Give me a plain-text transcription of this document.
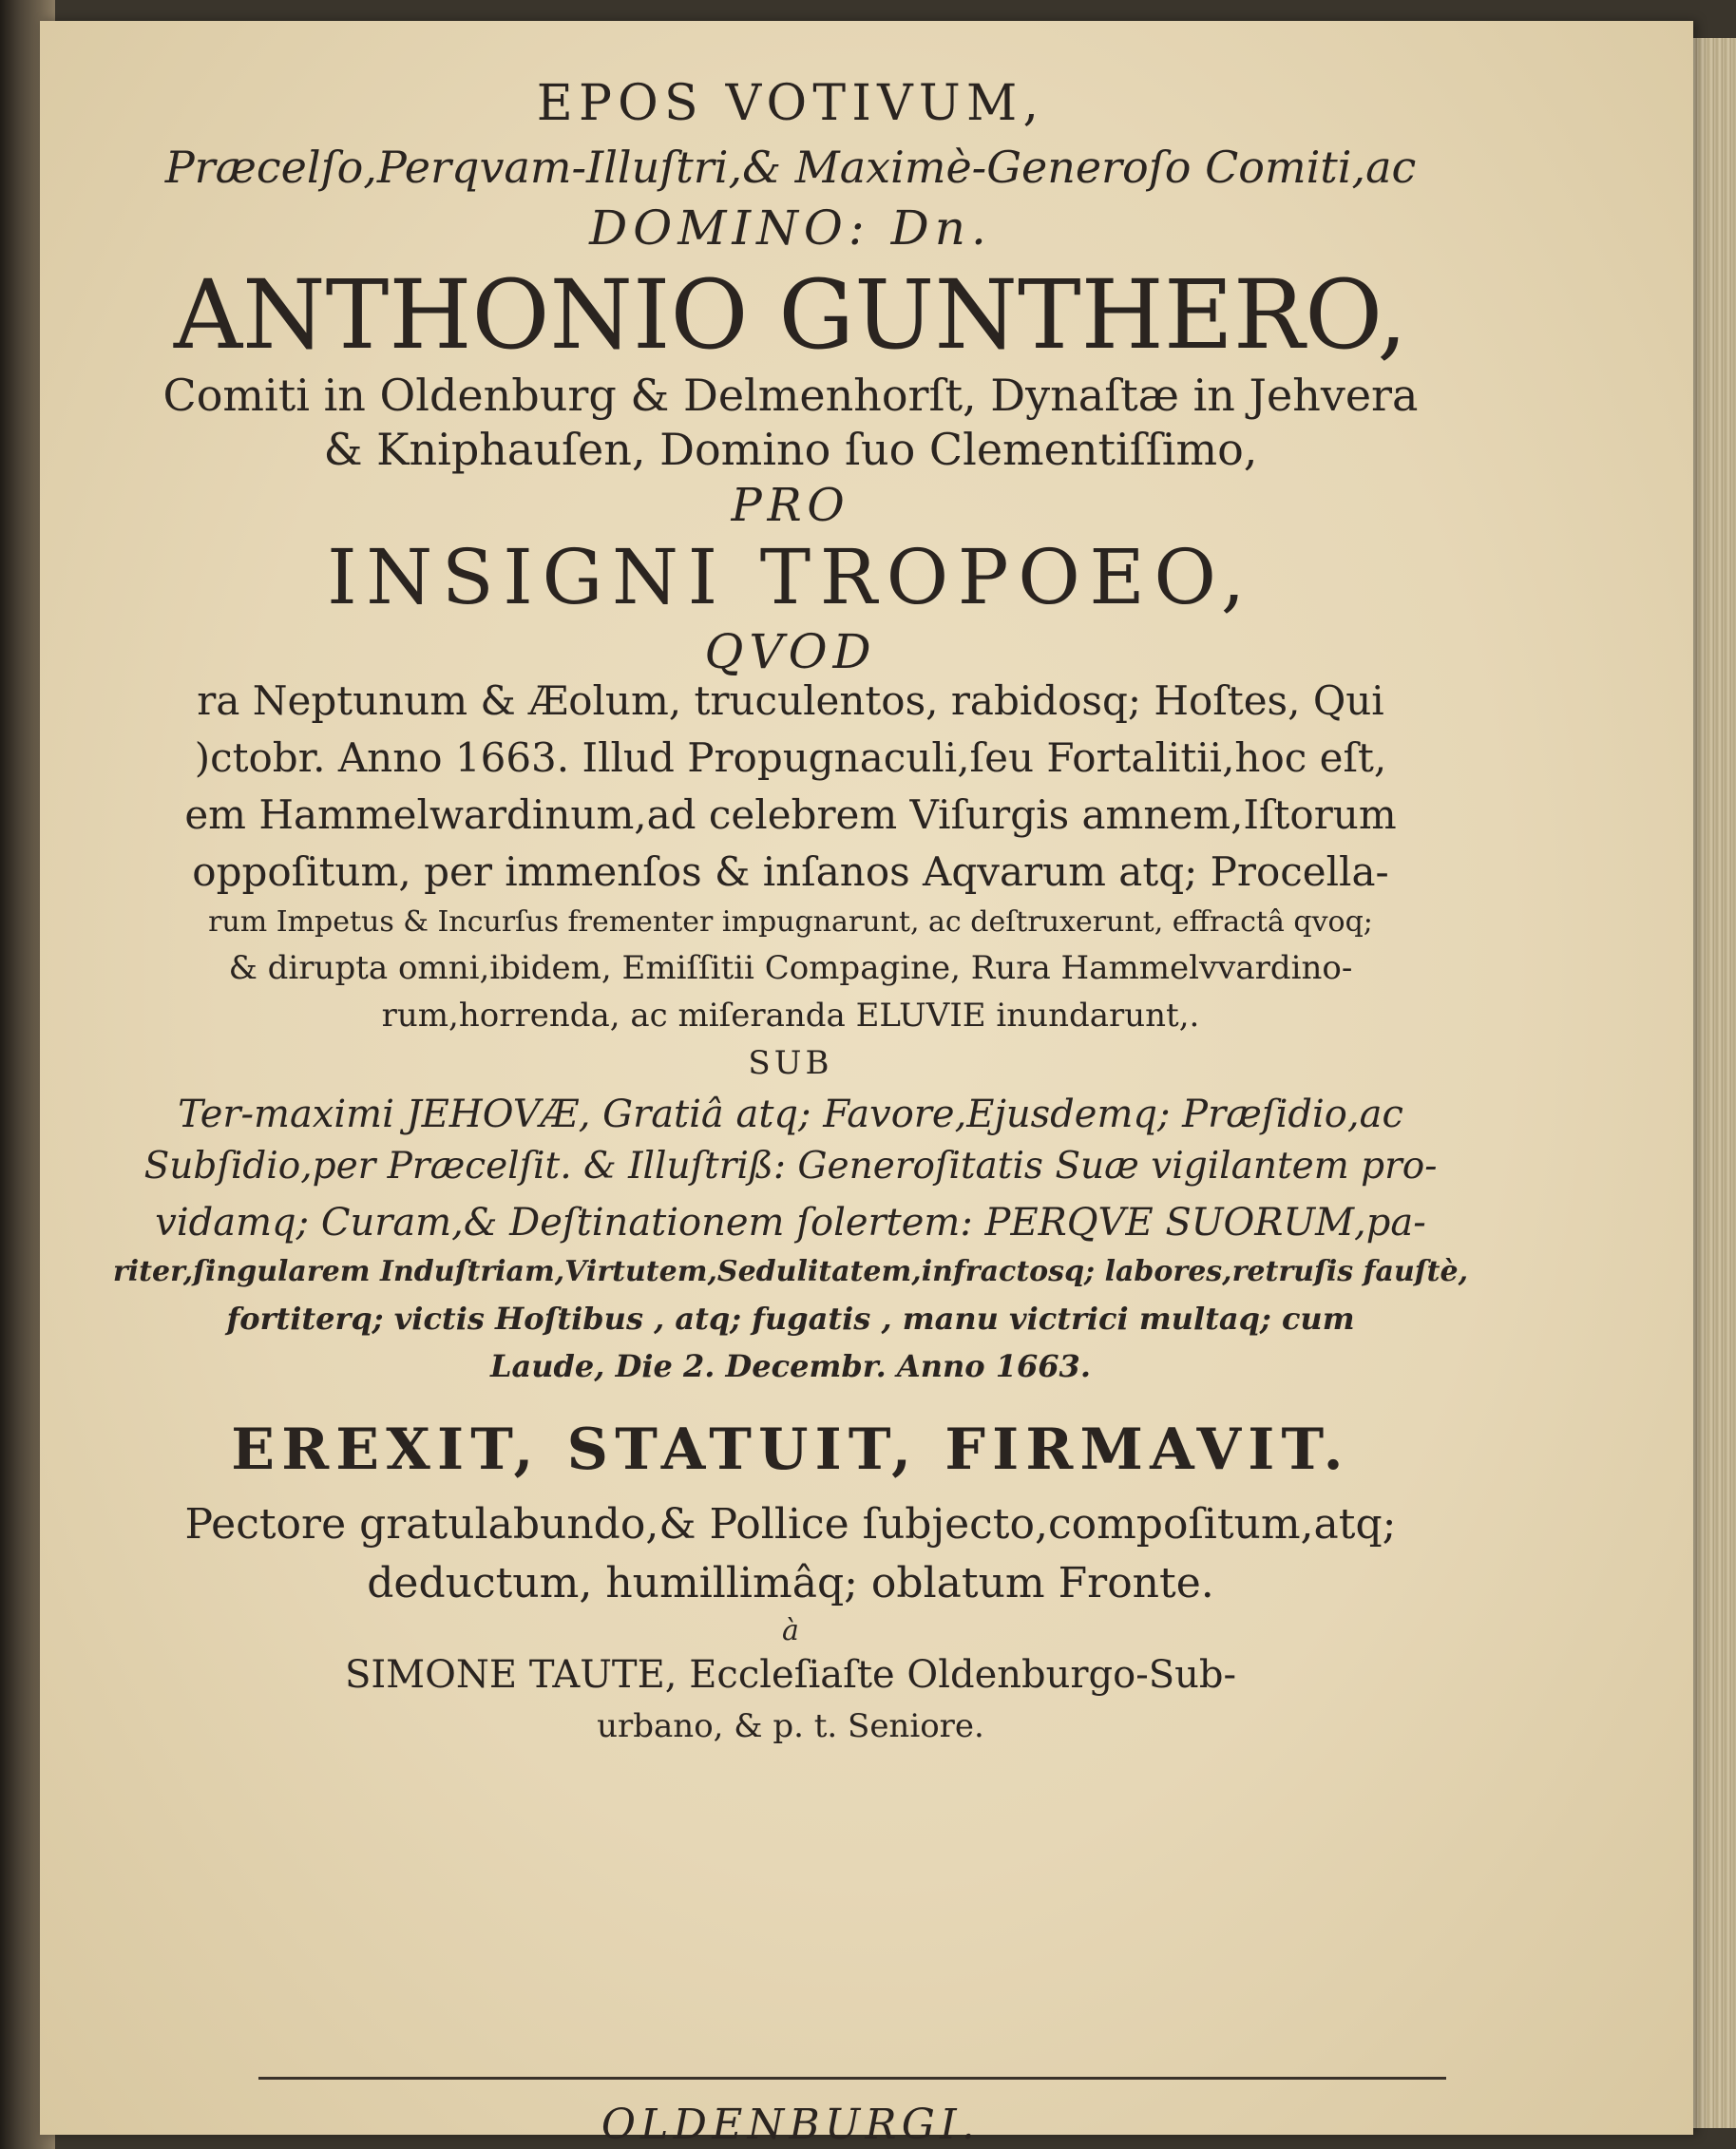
EPOS VOTIVUM,

Præcelſo,Perqvam-Illuſtri,& Maximè-Generoſo Comiti,ac

DOMINO: Dn.

ANTHONIO GUNTHERO,

Comiti in Oldenburg & Delmenhorſt, Dynaſtæ in Jehvera

& Kniphauſen, Domino ſuo Clementiſſimo,

PRO

INSIGNI TROPOEO,

QVOD

ra Neptunum & Æolum, truculentos, rabidosq; Hoſtes, Qui

)ctobr. Anno 1663. Illud Propugnaculi,ſeu Fortalitii,hoc eſt,

em Hammelwardinum,ad celebrem Viſurgis amnem,Iſtorum

oppoſitum, per immenſos & inſanos Aqvarum atq; Procella-

rum Impetus & Incurſus frementer impugnarunt, ac deſtruxerunt, effractâ qvoq;

& dirupta omni,ibidem, Emiſſitii Compagine, Rura Hammelvvardino-

rum,horrenda, ac miſeranda ELUVIE inundarunt,.

SUB

Ter-maximi JEHOVÆ, Gratiâ atq; Favore,Ejusdemq; Præſidio,ac

Subſidio,per Præcelſit. & Illuſtriß: Generoſitatis Suæ vigilantem pro-

vidamq; Curam,& Deſtinationem ſolertem: PERQVE SUORUM,pa-

riter,ſingularem Induſtriam,Virtutem,Sedulitatem,infractosq; labores,retruſis fauſtè,

fortiterq; victis Hoſtibus , atq; fugatis , manu victrici multaq; cum

Laude, Die 2. Decembr. Anno 1663.

EREXIT, STATUIT, FIRMAVIT.

Pectore gratulabundo,& Pollice ſubjecto,compoſitum,atq;

deductum, humillimâq; oblatum Fronte.

à

SIMONE TAUTE, Eccleſiaſte Oldenburgo-Sub-

urbano, & p. t. Seniore.

OLDENBURGI.
